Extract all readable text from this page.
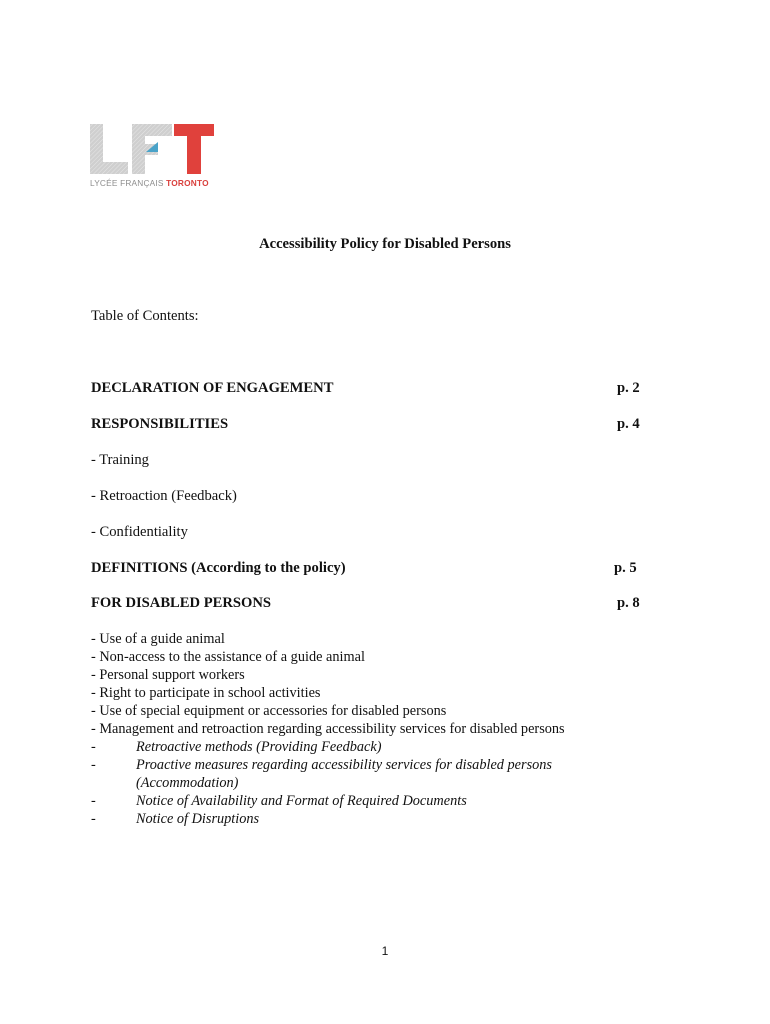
LYCÉE FRANÇAIS TORONTO
Accessibility Policy for Disabled Persons
Table of Contents:
DECLARATION OF ENGAGEMENT	p. 2
RESPONSIBILITIES	p. 4
- Training
- Retroaction (Feedback)
- Confidentiality
DEFINITIONS (According to the policy)	p. 5
FOR DISABLED PERSONS	p. 8
- Use of a guide animal
- Non-access to the assistance of a guide animal
- Personal support workers
- Right to participate in school activities
- Use of special equipment or accessories for disabled persons
- Management and retroaction regarding accessibility services for disabled persons
-	Retroactive methods (Providing Feedback)
-	Proactive measures regarding accessibility services for disabled persons
(Accommodation)
-	Notice of Availability and Format of Required Documents
-	Notice of Disruptions
1
